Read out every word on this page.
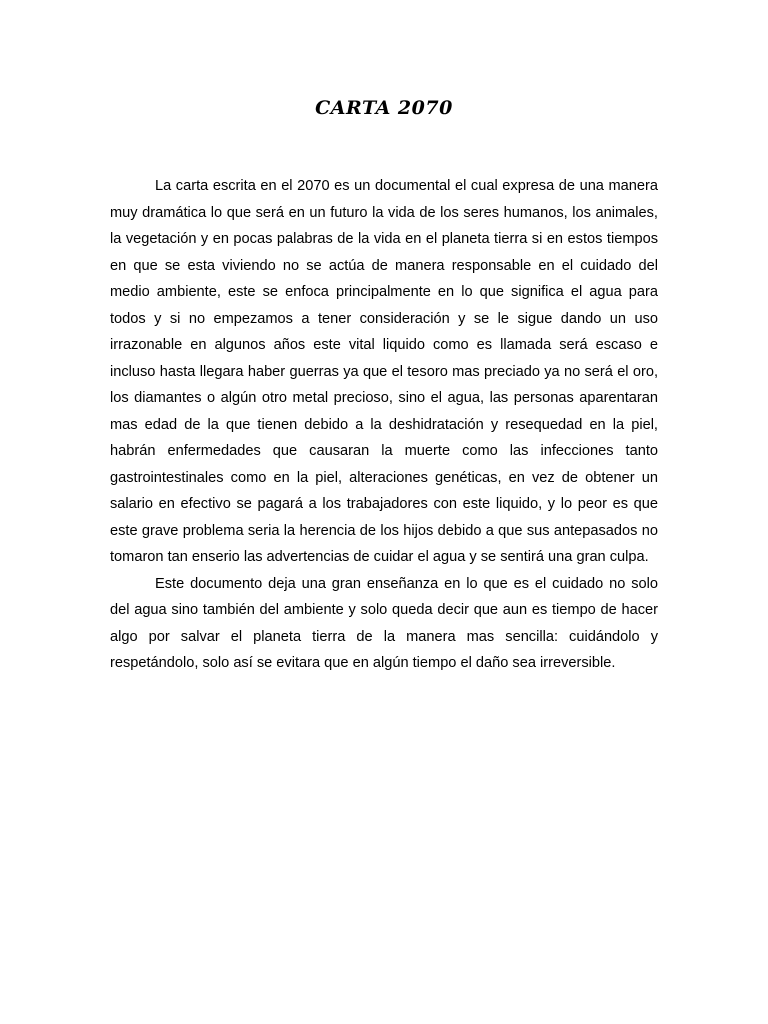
CARTA 2070

La carta escrita en el 2070 es un documental el cual expresa de una manera muy dramática lo que será en un futuro la vida de los seres humanos, los animales, la vegetación y en pocas palabras de la vida en el planeta tierra si en estos tiempos en que se esta viviendo no se actúa de manera responsable en el cuidado del medio ambiente, este se enfoca principalmente en lo que significa el agua para todos y si no empezamos a tener consideración y se le sigue dando un uso irrazonable en algunos años este vital liquido como es llamada será escaso e incluso hasta llegara haber guerras ya que el tesoro mas preciado ya no será el oro, los diamantes o algún otro metal precioso, sino el agua, las personas aparentaran mas edad de la que tienen debido a la deshidratación y resequedad en la piel, habrán enfermedades que causaran la muerte como las infecciones tanto gastrointestinales como en la piel, alteraciones genéticas, en vez de obtener un salario en efectivo se pagará a los trabajadores con este liquido, y lo peor es que este grave problema seria la herencia de los hijos debido a que sus antepasados no tomaron tan enserio las advertencias de cuidar el agua y se sentirá una gran culpa.

Este documento deja una gran enseñanza en lo que es el cuidado no solo del agua sino también del ambiente y solo queda decir que aun es tiempo de hacer algo por salvar el planeta tierra de la manera mas sencilla: cuidándolo y respetándolo, solo así se evitara que en algún tiempo el daño sea irreversible.
